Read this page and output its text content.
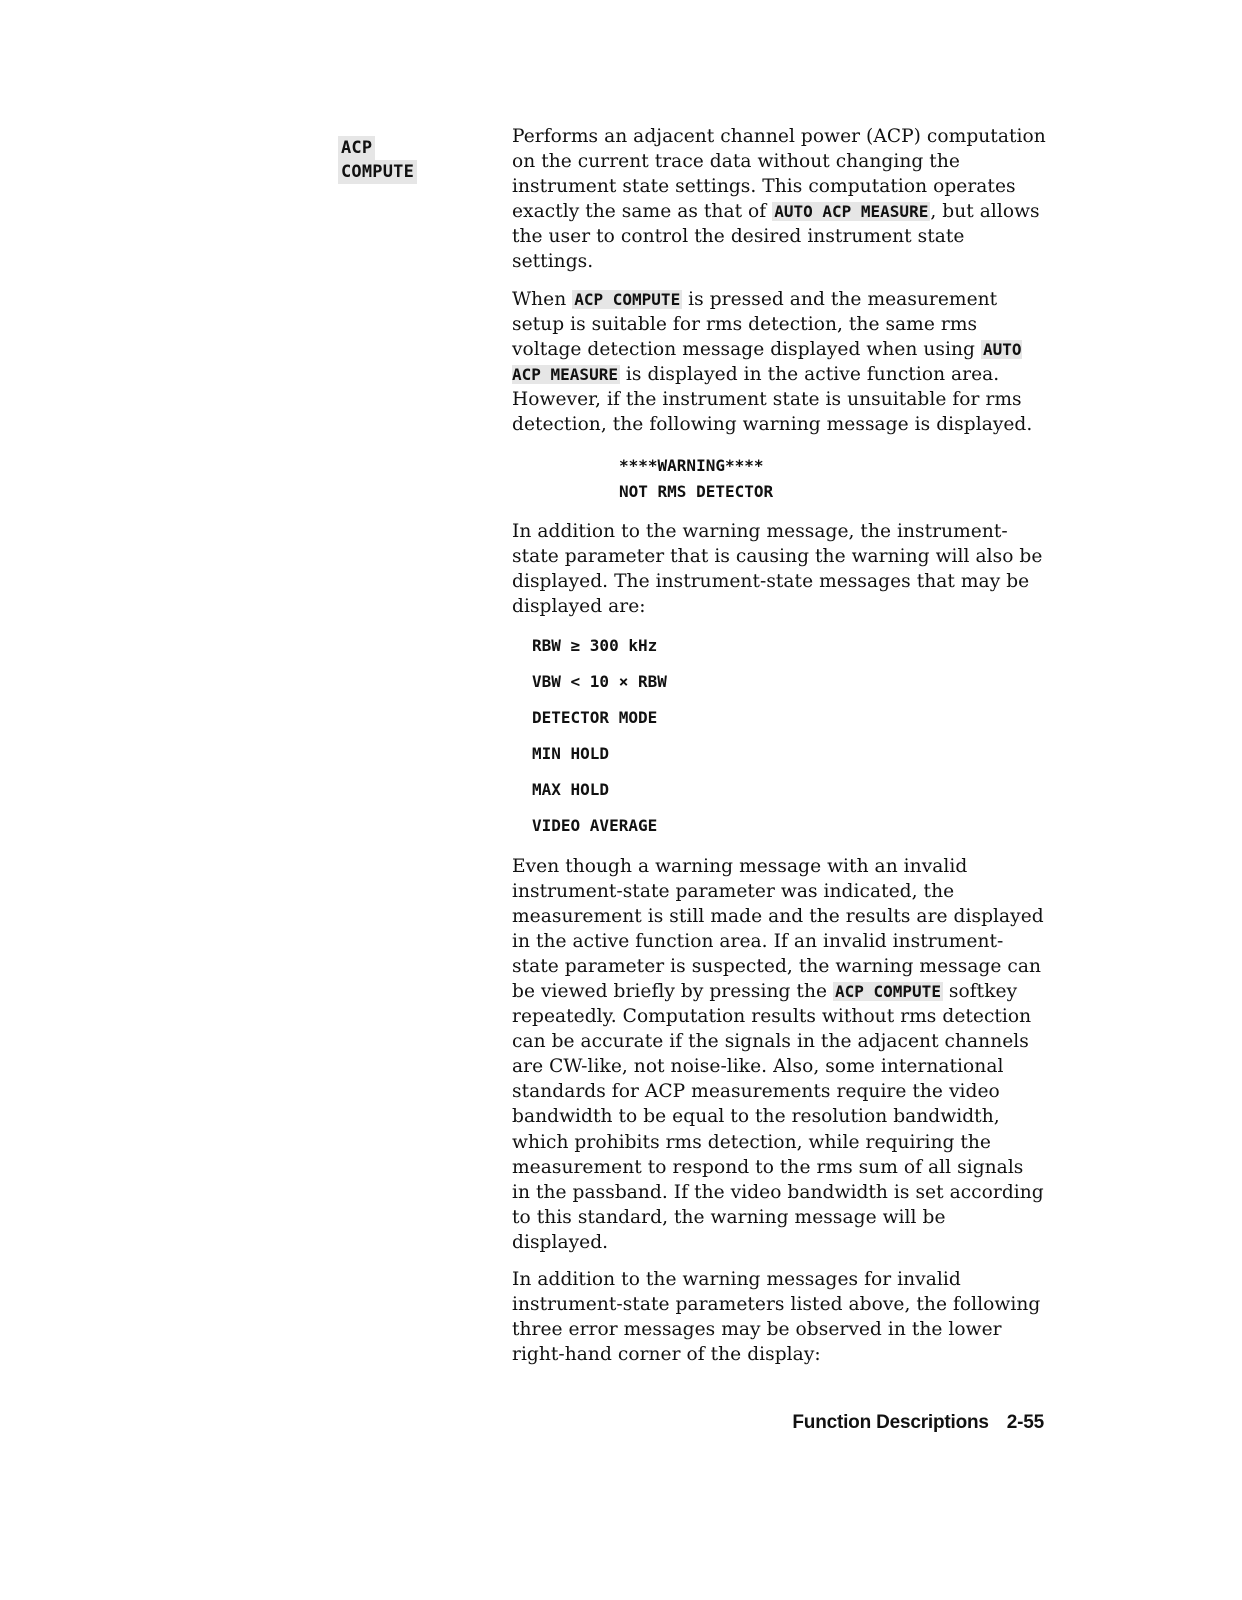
ACP
COMPUTE

Performs an adjacent channel power (ACP) computation on the current trace data without changing the instrument state settings. This computation operates exactly the same as that of AUTO ACP MEASURE , but allows the user to control the desired instrument state settings.

When ACP COMPUTE is pressed and the measurement setup is suitable for rms detection, the same rms voltage detection message displayed when using AUTO ACP MEASURE is displayed in the active function area. However, if the instrument state is unsuitable for rms detection, the following warning message is displayed.

****WARNING****
NOT RMS DETECTOR

In addition to the warning message, the instrument-state parameter that is causing the warning will also be displayed. The instrument-state messages that may be displayed are:

RBW ≥ 300 kHz
VBW < 10 × RBW
DETECTOR MODE
MIN HOLD
MAX HOLD
VIDEO AVERAGE

Even though a warning message with an invalid instrument-state parameter was indicated, the measurement is still made and the results are displayed in the active function area. If an invalid instrument-state parameter is suspected, the warning message can be viewed briefly by pressing the ACP COMPUTE softkey repeatedly. Computation results without rms detection can be accurate if the signals in the adjacent channels are CW-like, not noise-like. Also, some international standards for ACP measurements require the video bandwidth to be equal to the resolution bandwidth, which prohibits rms detection, while requiring the measurement to respond to the rms sum of all signals in the passband. If the video bandwidth is set according to this standard, the warning message will be displayed.

In addition to the warning messages for invalid instrument-state parameters listed above, the following three error messages may be observed in the lower right-hand corner of the display:

Function Descriptions 2-55
